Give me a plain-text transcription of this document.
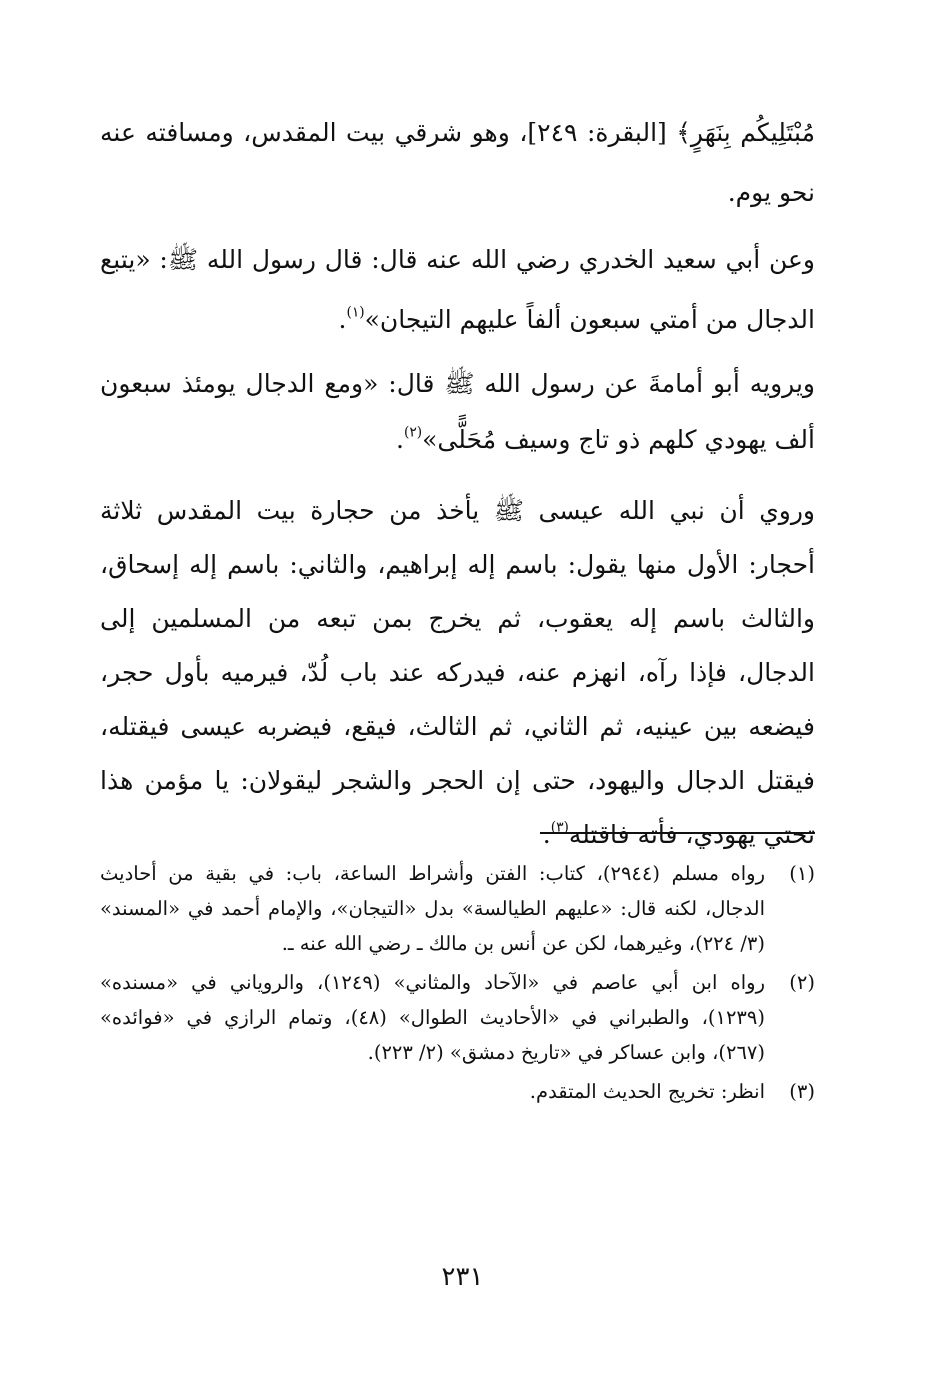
مُبْتَلِيكُم بِنَهَرٍ﴾ [البقرة: ٢٤٩]، وهو شرقي بيت المقدس، ومسافته عنه نحو يوم.

وعن أبي سعيد الخدري رضي الله عنه قال: قال رسول الله ﷺ: «يتبع الدجال من أمتي سبعون ألفاً عليهم التيجان»$^{(١)}$.

ويرويه أبو أمامةَ عن رسول الله ﷺ قال: «ومع الدجال يومئذ سبعون ألف يهودي كلهم ذو تاج وسيف مُحَلًّى»$^{(٢)}$.

وروي أن نبي الله عيسى ﷺ يأخذ من حجارة بيت المقدس ثلاثة أحجار: الأول منها يقول: باسم إله إبراهيم، والثاني: باسم إله إسحاق، والثالث باسم إله يعقوب، ثم يخرج بمن تبعه من المسلمين إلى الدجال، فإذا رآه، انهزم عنه، فيدركه عند باب لُدّ، فيرميه بأول حجر، فيضعه بين عينيه، ثم الثاني، ثم الثالث، فيقع، فيضربه عيسى فيقتله، فيقتل الدجال واليهود، حتى إن الحجر والشجر ليقولان: يا مؤمن هذا تحتي يهودي، فأته فاقتله$^{(٣)}$.

(١)
رواه مسلم (٢٩٤٤)، كتاب: الفتن وأشراط الساعة، باب: في بقية من أحاديث الدجال، لكنه قال: «عليهم الطيالسة» بدل «التيجان»، والإمام أحمد في «المسند» (٣/ ٢٢٤)، وغيرهما، لكن عن أنس بن مالك ـ رضي الله عنه ـ.
(٢)
رواه ابن أبي عاصم في «الآحاد والمثاني» (١٢٤٩)، والروياني في «مسنده» (١٢٣٩)، والطبراني في «الأحاديث الطوال» (٤٨)، وتمام الرازي في «فوائده» (٢٦٧)، وابن عساكر في «تاريخ دمشق» (٢/ ٢٢٣).
(٣)
انظر: تخريج الحديث المتقدم.
٢٣١
